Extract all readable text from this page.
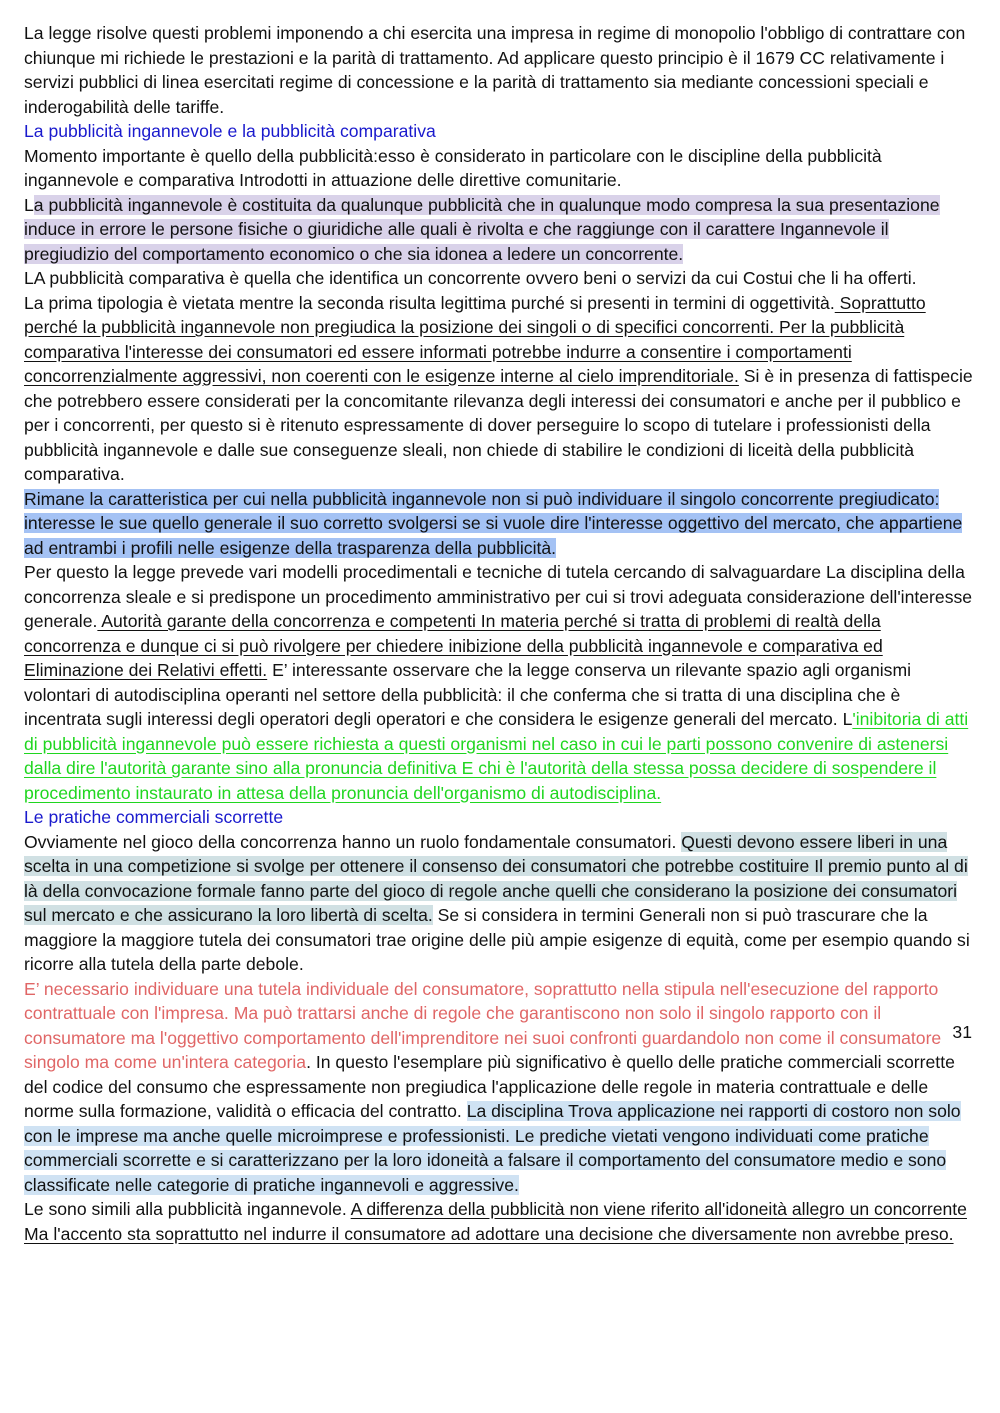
La legge risolve questi problemi imponendo a chi esercita una impresa in regime di monopolio l'obbligo di contrattare con chiunque mi richiede le prestazioni e la parità di trattamento. Ad applicare questo principio è il 1679 CC relativamente i servizi pubblici di linea esercitati regime di concessione e la parità di trattamento sia mediante concessioni speciali e inderogabilità delle tariffe.

La pubblicità ingannevole e la pubblicità comparativa

Momento importante è quello della pubblicità:esso è considerato in particolare con le discipline della pubblicità ingannevole e comparativa Introdotti in attuazione delle direttive comunitarie.

La pubblicità ingannevole è costituita da qualunque pubblicità che in qualunque modo compresa la sua presentazione induce in errore le persone fisiche o giuridiche alle quali è rivolta e che raggiunge con il carattere Ingannevole il pregiudizio del comportamento economico o che sia idonea a ledere un concorrente.

LA pubblicità comparativa è quella che identifica un concorrente ovvero beni o servizi da cui Costui che li ha offerti.

La prima tipologia è vietata mentre la seconda risulta legittima purché si presenti in termini di oggettività. Soprattutto perché la pubblicità ingannevole non pregiudica la posizione dei singoli o di specifici concorrenti. Per la pubblicità comparativa l'interesse dei consumatori ed essere informati potrebbe indurre a consentire i comportamenti concorrenzialmente aggressivi, non coerenti con le esigenze interne al cielo imprenditoriale. Si è in presenza di fattispecie che potrebbero essere considerati per la concomitante rilevanza degli interessi dei consumatori e anche per il pubblico e per i concorrenti, per questo si è ritenuto espressamente di dover perseguire lo scopo di tutelare i professionisti della pubblicità ingannevole e dalle sue conseguenze sleali, non chiede di stabilire le condizioni di liceità della pubblicità comparativa.

Rimane la caratteristica per cui nella pubblicità ingannevole non si può individuare il singolo concorrente pregiudicato: interesse le sue quello generale il suo corretto svolgersi se si vuole dire l'interesse oggettivo del mercato, che appartiene ad entrambi i profili nelle esigenze della trasparenza della pubblicità.

Per questo la legge prevede vari modelli procedimentali e tecniche di tutela cercando di salvaguardare La disciplina della concorrenza sleale e si predispone un procedimento amministrativo per cui si trovi adeguata considerazione dell'interesse generale. Autorità garante della concorrenza e competenti In materia perché si tratta di problemi di realtà della concorrenza e dunque ci si può rivolgere per chiedere inibizione della pubblicità ingannevole e comparativa ed Eliminazione dei Relativi effetti. E’ interessante osservare che la legge conserva un rilevante spazio agli organismi volontari di autodisciplina operanti nel settore della pubblicità: il che conferma che si tratta di una disciplina che è incentrata sugli interessi degli operatori degli operatori e che considera le esigenze generali del mercato. L'inibitoria di atti di pubblicità ingannevole può essere richiesta a questi organismi nel caso in cui le parti possono convenire di astenersi dalla dire l'autorità garante sino alla pronuncia definitiva E chi è l'autorità della stessa possa decidere di sospendere il procedimento instaurato in attesa della pronuncia dell'organismo di autodisciplina.

Le pratiche commerciali scorrette

Ovviamente nel gioco della concorrenza hanno un ruolo fondamentale consumatori. Questi devono essere liberi in una scelta in una competizione si svolge per ottenere il consenso dei consumatori che potrebbe costituire Il premio punto al di là della convocazione formale fanno parte del gioco di regole anche quelli che considerano la posizione dei consumatori sul mercato e che assicurano la loro libertà di scelta. Se si considera in termini Generali non si può trascurare che la maggiore la maggiore tutela dei consumatori trae origine delle più ampie esigenze di equità, come per esempio quando si ricorre alla tutela della parte debole.

E’ necessario individuare una tutela individuale del consumatore, soprattutto nella stipula nell'esecuzione del rapporto contrattuale con l'impresa. Ma può trattarsi anche di regole che garantiscono non solo il singolo rapporto con il consumatore ma l'oggettivo comportamento dell'imprenditore nei suoi confronti guardandolo non come il consumatore singolo ma come un'intera categoria. In questo l'esemplare più significativo è quello delle pratiche commerciali scorrette del codice del consumo che espressamente non pregiudica l'applicazione delle regole in materia contrattuale e delle norme sulla formazione, validità o efficacia del contratto. La disciplina Trova applicazione nei rapporti di costoro non solo con le imprese ma anche quelle microimprese e professionisti. Le prediche vietati vengono individuati come pratiche commerciali scorrette e si caratterizzano per la loro idoneità a falsare il comportamento del consumatore medio e sono classificate nelle categorie di pratiche ingannevoli e aggressive.

Le sono simili alla pubblicità ingannevole. A differenza della pubblicità non viene riferito all'idoneità allegro un concorrente Ma l'accento sta soprattutto nel indurre il consumatore ad adottare una decisione che diversamente non avrebbe preso.

31
